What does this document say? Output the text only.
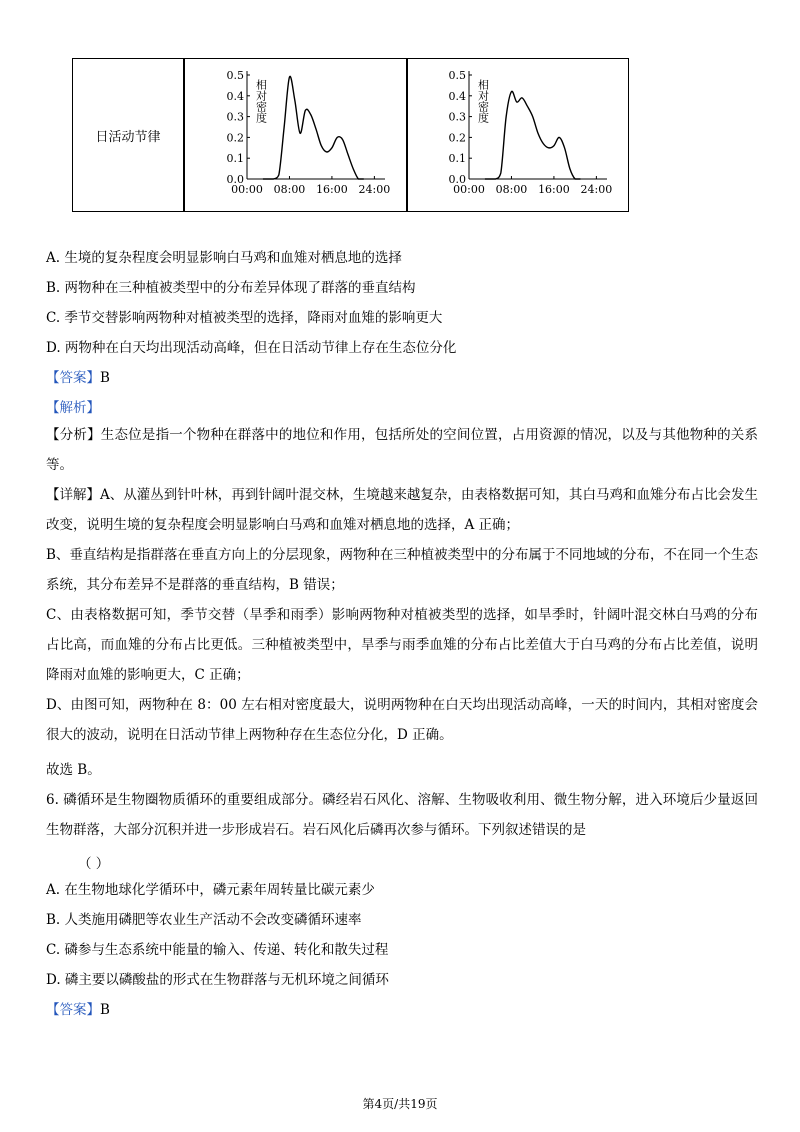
日活动节律
0.0
0.1
0.2
0.3
0.4
0.5
00:00 08:00 16:00 24:00
相对密度
0.0
0.1
0.2
0.3
0.4
0.5
00:00 08:00 16:00 24:00
相对密度
A. 生境的复杂程度会明显影响白马鸡和血雉对栖息地的选择
B. 两物种在三种植被类型中的分布差异体现了群落的垂直结构
C. 季节交替影响两物种对植被类型的选择，降雨对血雉的影响更大
D. 两物种在白天均出现活动高峰，但在日活动节律上存在生态位分化
【答案】B
【解析】
【分析】生态位是指一个物种在群落中的地位和作用，包括所处的空间位置，占用资源的情况，以及与其他物种的关系等。
【详解】A、从灌丛到针叶林，再到针阔叶混交林，生境越来越复杂，由表格数据可知，其白马鸡和血雉分布占比会发生改变，说明生境的复杂程度会明显影响白马鸡和血雉对栖息地的选择，A 正确；
B、垂直结构是指群落在垂直方向上的分层现象，两物种在三种植被类型中的分布属于不同地域的分布，不在同一个生态系统，其分布差异不是群落的垂直结构，B 错误；
C、由表格数据可知，季节交替（旱季和雨季）影响两物种对植被类型的选择，如旱季时，针阔叶混交林白马鸡的分布占比高，而血雉的分布占比更低。三种植被类型中，旱季与雨季血雉的分布占比差值大于白马鸡的分布占比差值，说明降雨对血雉的影响更大，C 正确；
D、由图可知，两物种在 8：00 左右相对密度最大，说明两物种在白天均出现活动高峰，一天的时间内，其相对密度会很大的波动，说明在日活动节律上两物种存在生态位分化，D 正确。
故选 B。
6. 磷循环是生物圈物质循环的重要组成部分。磷经岩石风化、溶解、生物吸收利用、微生物分解，进入环境后少量返回生物群落，大部分沉积并进一步形成岩石。岩石风化后磷再次参与循环。下列叙述错误的是
（ ）
A. 在生物地球化学循环中，磷元素年周转量比碳元素少
B. 人类施用磷肥等农业生产活动不会改变磷循环速率
C. 磷参与生态系统中能量的输入、传递、转化和散失过程
D. 磷主要以磷酸盐的形式在生物群落与无机环境之间循环
【答案】B
第4页/共19页
